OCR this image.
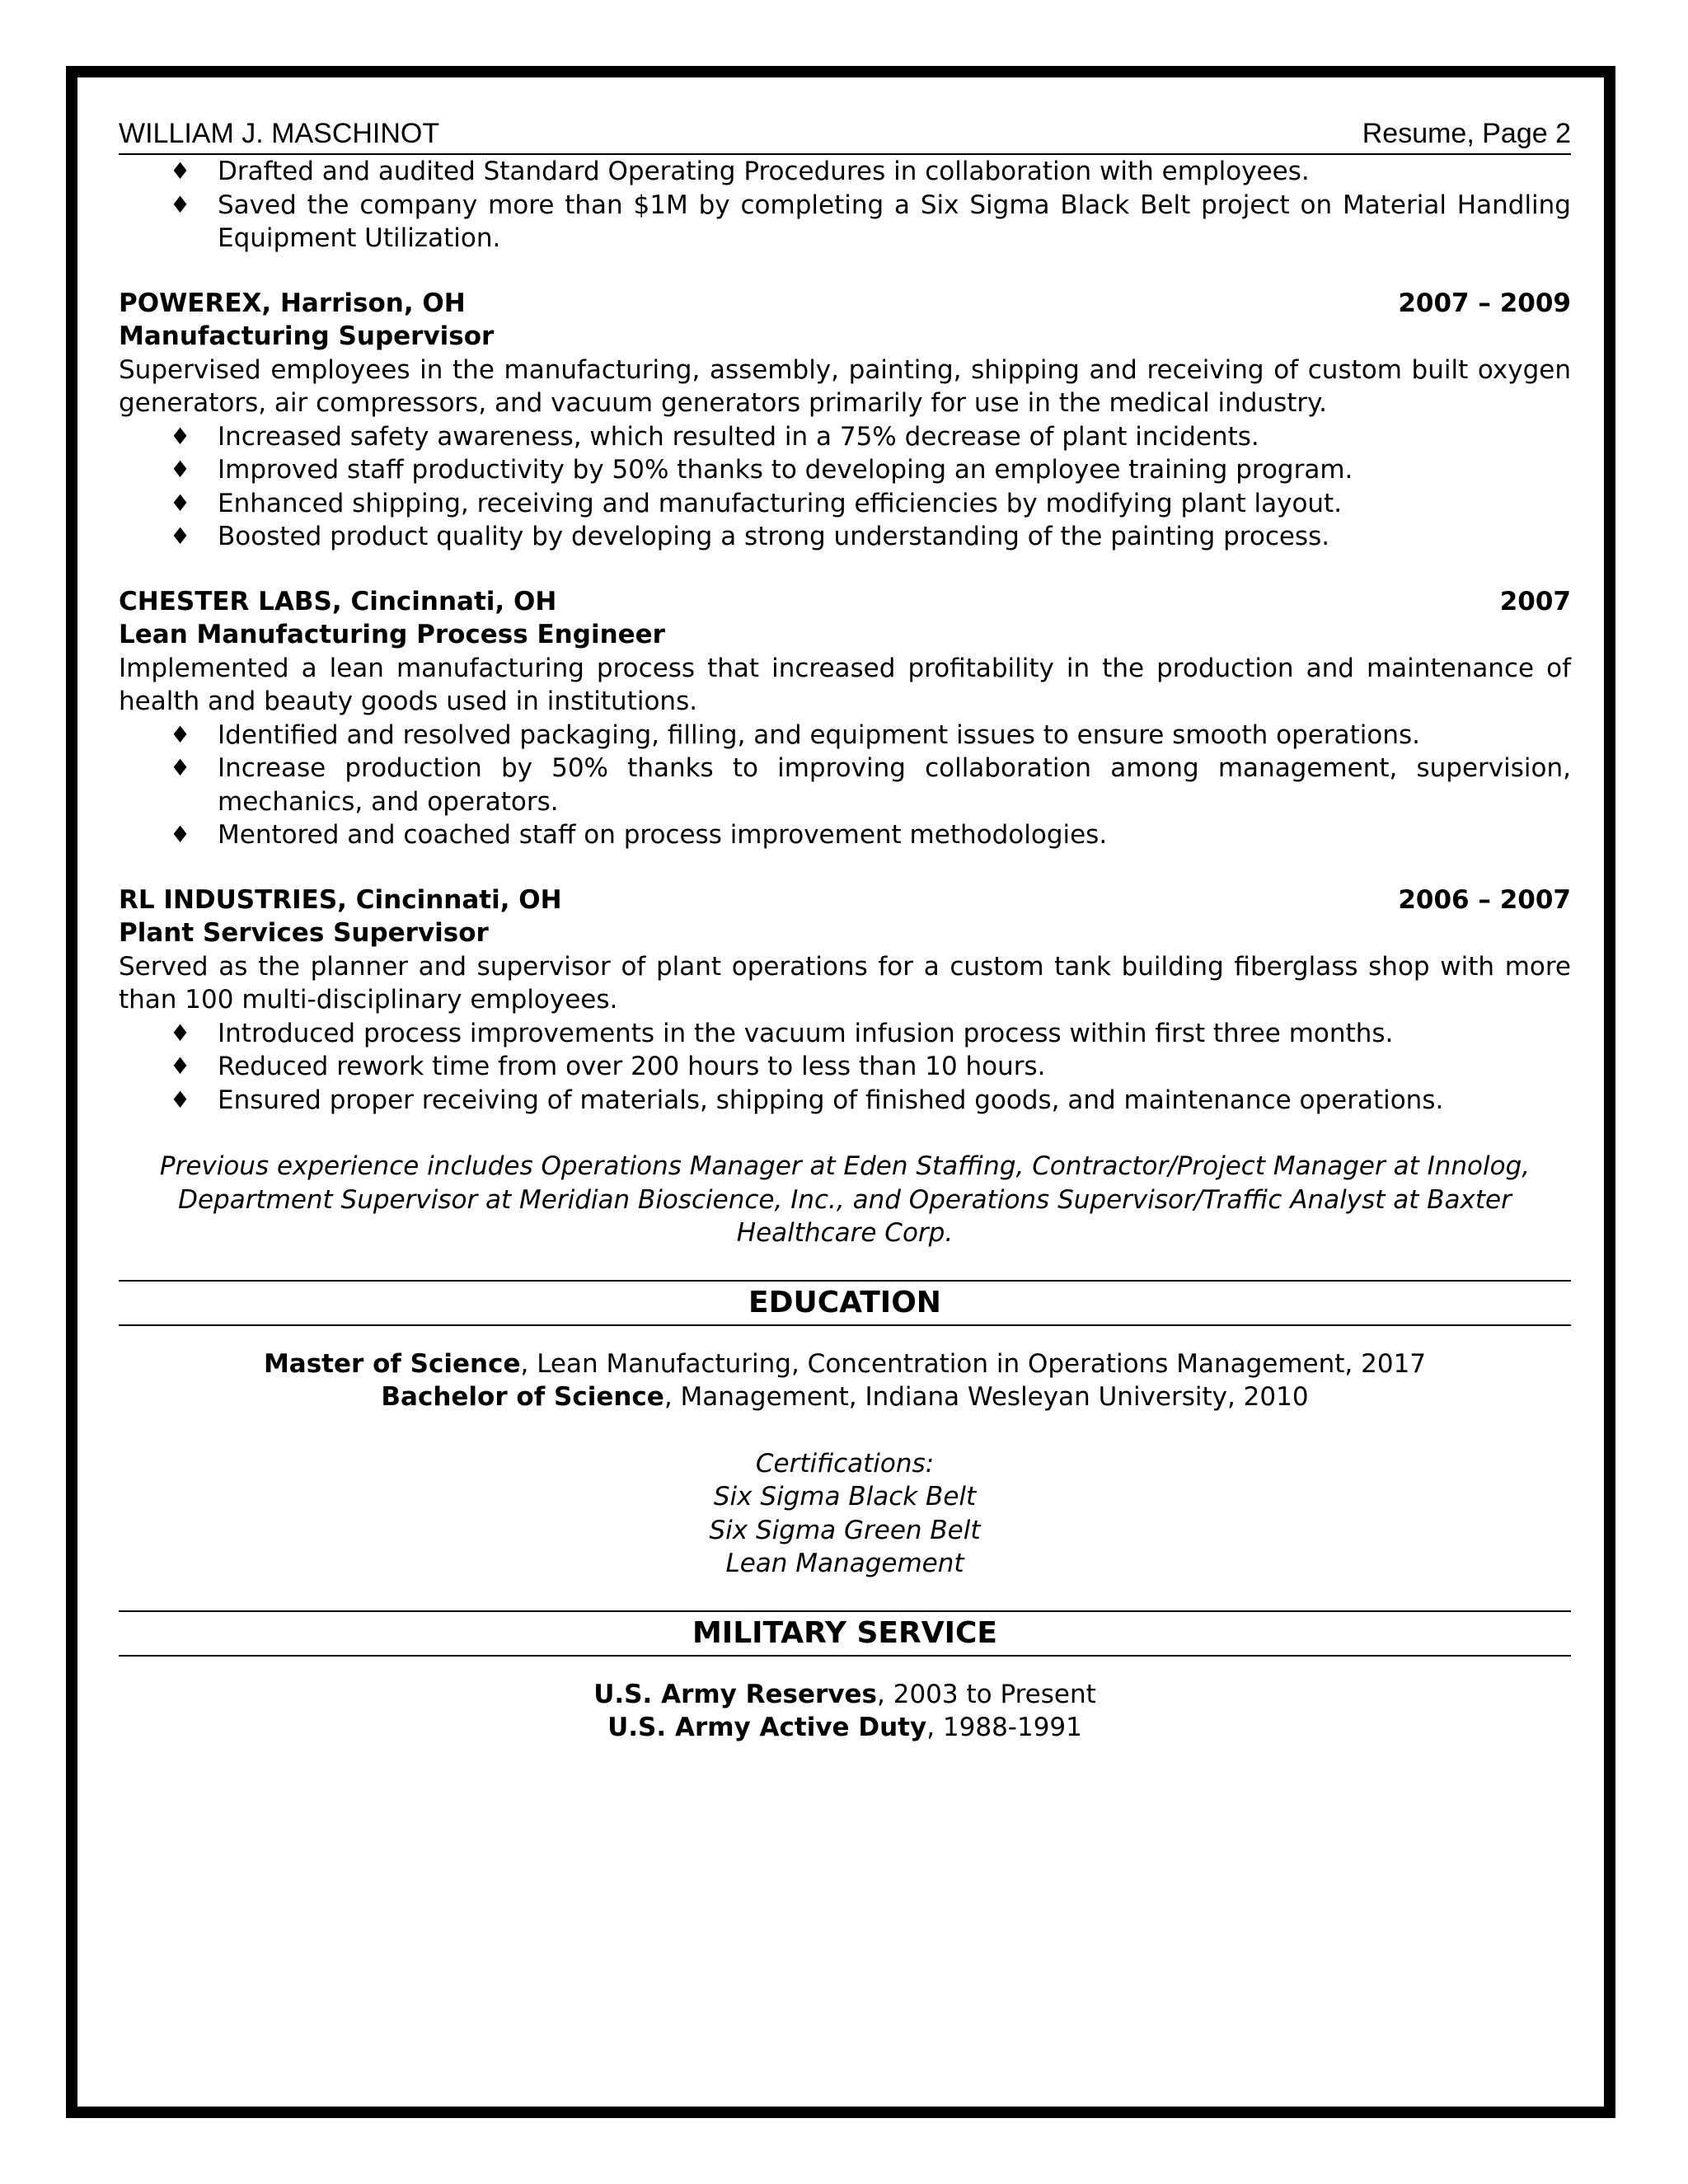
WILLIAM J. MASCHINOT	Resume, Page 2
♦ Drafted and audited Standard Operating Procedures in collaboration with employees.
♦ Saved the company more than $1M by completing a Six Sigma Black Belt project on Material Handling Equipment Utilization.
POWEREX, Harrison, OH	2007 – 2009
Manufacturing Supervisor
Supervised employees in the manufacturing, assembly, painting, shipping and receiving of custom built oxygen generators, air compressors, and vacuum generators primarily for use in the medical industry.
♦ Increased safety awareness, which resulted in a 75% decrease of plant incidents.
♦ Improved staff productivity by 50% thanks to developing an employee training program.
♦ Enhanced shipping, receiving and manufacturing efficiencies by modifying plant layout.
♦ Boosted product quality by developing a strong understanding of the painting process.
CHESTER LABS, Cincinnati, OH	2007
Lean Manufacturing Process Engineer
Implemented a lean manufacturing process that increased profitability in the production and maintenance of health and beauty goods used in institutions.
♦ Identified and resolved packaging, filling, and equipment issues to ensure smooth operations.
♦ Increase production by 50% thanks to improving collaboration among management, supervision, mechanics, and operators.
♦ Mentored and coached staff on process improvement methodologies.
RL INDUSTRIES, Cincinnati, OH	2006 – 2007
Plant Services Supervisor
Served as the planner and supervisor of plant operations for a custom tank building fiberglass shop with more than 100 multi-disciplinary employees.
♦ Introduced process improvements in the vacuum infusion process within first three months.
♦ Reduced rework time from over 200 hours to less than 10 hours.
♦ Ensured proper receiving of materials, shipping of finished goods, and maintenance operations.
Previous experience includes Operations Manager at Eden Staffing, Contractor/Project Manager at Innolog, Department Supervisor at Meridian Bioscience, Inc., and Operations Supervisor/Traffic Analyst at Baxter Healthcare Corp.
EDUCATION
Master of Science, Lean Manufacturing, Concentration in Operations Management, 2017
Bachelor of Science, Management, Indiana Wesleyan University, 2010
Certifications:
Six Sigma Black Belt
Six Sigma Green Belt
Lean Management
MILITARY SERVICE
U.S. Army Reserves, 2003 to Present
U.S. Army Active Duty, 1988-1991
